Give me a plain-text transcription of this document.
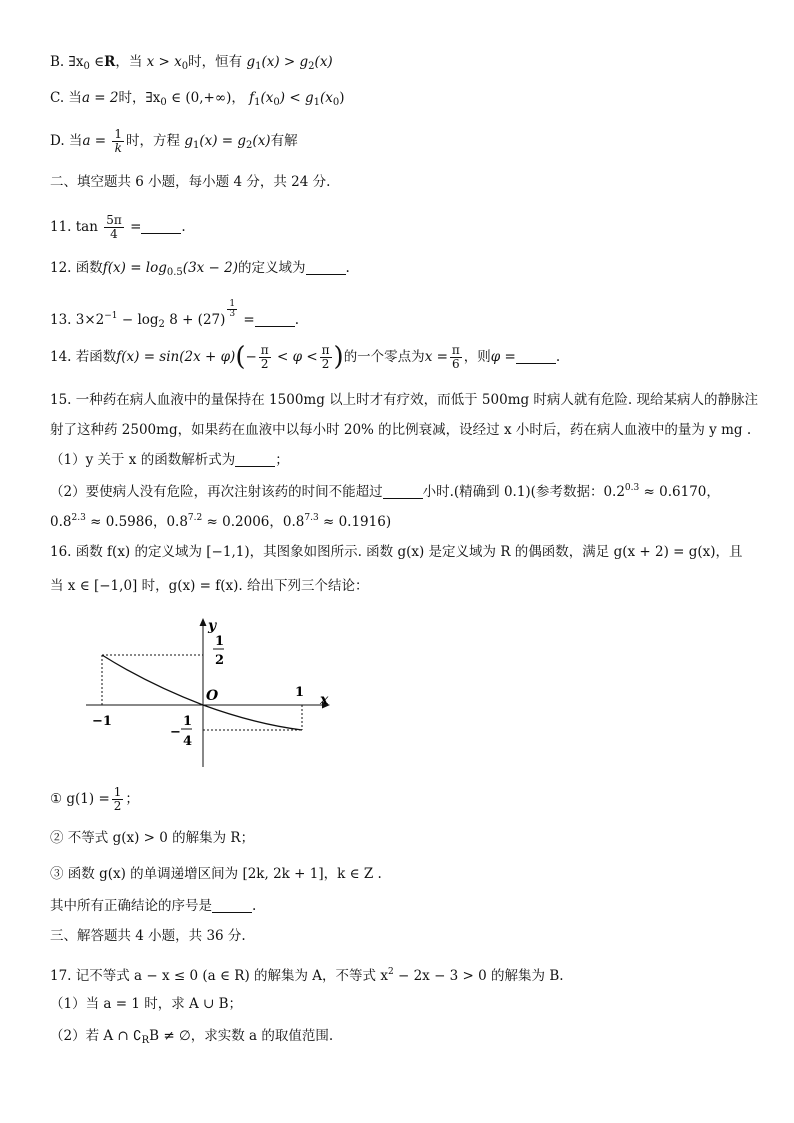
B. $\exists x_0$ ∈R，当 $x > x_0$时，恒有 $g_1(x) > g_2(x)$
C. 当a = 2时，$\exists x_0$ ∈ (0,+∞)， $f_1(x_0) < g_1(x_0)$
D. 当$a = \frac{1}{k}$ 时，方程 $g_1(x) = g_2(x)$有解
二、填空题共 6 小题，每小题 4 分，共 24 分.
11. $\tan \frac{5\pi}{4}$ =	.
12. 函数$f(x) = \log_{0.5}(3x - 2)$的定义域为	.
13. $3\times 2^{-1} - \log_2 8 + (27)$
$\frac{1}{3}$
=	.
14. 若函数$f(x) = \sin(2x + \varphi)(- \frac{\pi}{2} < \varphi < \frac{\pi}{2}$ )的一个零点为$x = \frac{\pi}{6}$ ，则φ =	.
15. 一种药在病人血液中的量保持在 1500mg 以上时才有疗效，而低于 500mg 时病人就有危险. 现给某病人的静脉注
射了这种药 2500mg，如果药在血液中以每小时 20% 的比例衰减，设经过 x 小时后，药在病人血液中的量为 y mg .
（1）y 关于 x 的函数解析式为	；
（2）要使病人没有危险，再次注射该药的时间不能超过	小时.(精确到 0.1)(参考数据：$0.2^{0.3} \approx 0.6170$，
$0.8^{2.3} \approx 0.5986$，$0.8^{7.2} \approx 0.2006$，$0.8^{7.3} \approx 0.1916$)
16. 函数 f(x) 的定义域为 [−1,1)，其图象如图所示. 函数 g(x) 是定义域为 R 的偶函数，满足 g(x + 2) = g(x)，且
当 x ∈ [−1,0] 时，g(x) = f(x). 给出下列三个结论：
y
x
O
1
2
1
−1
−
1
4
① $g(1) = \frac{1}{2}$ ；
② 不等式 g(x) > 0 的解集为 R；
③ 函数 g(x) 的单调递增区间为 [2k, 2k + 1]，k ∈ Z .
其中所有正确结论的序号是	.
三、解答题共 4 小题，共 36 分.
17. 记不等式 a − x ≤ 0 (a ∈ R) 的解集为 A，不等式 $x^2 - 2x - 3 > 0$ 的解集为 B.
（1）当 a = 1 时，求 A ∪ B；
（2）若 A ∩ $∁_RB$ ≠ ∅，求实数 a 的取值范围.
